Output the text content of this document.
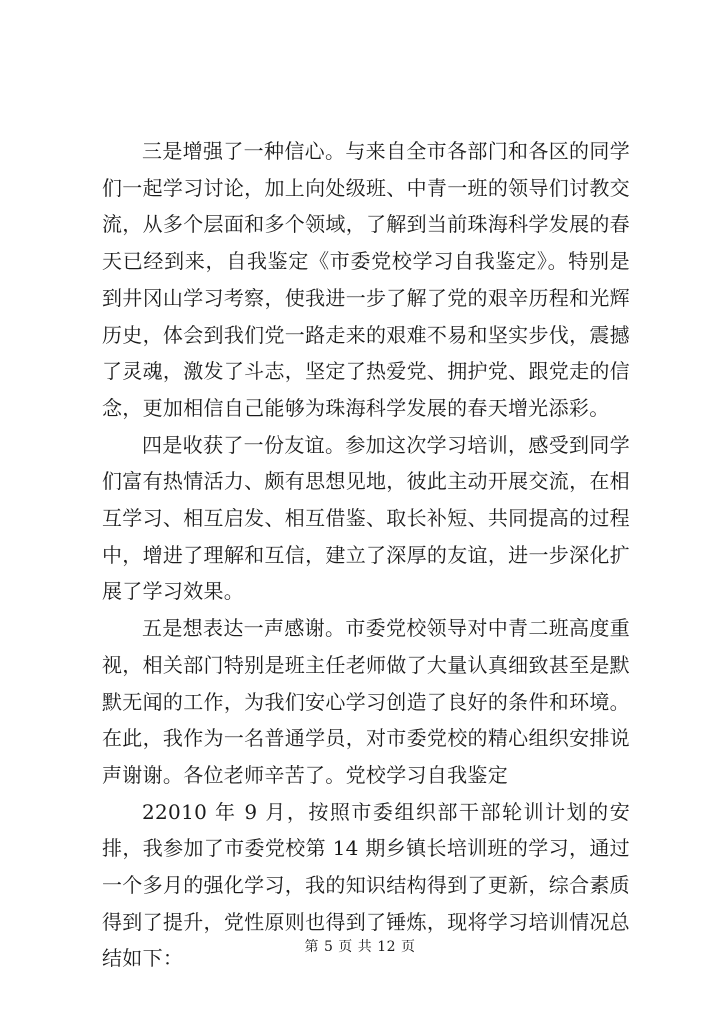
三是增强了一种信心。与来自全市各部门和各区的同学们一起学习讨论，加上向处级班、中青一班的领导们讨教交流，从多个层面和多个领域，了解到当前珠海科学发展的春天已经到来，自我鉴定《市委党校学习自我鉴定》。特别是到井冈山学习考察，使我进一步了解了党的艰辛历程和光辉历史，体会到我们党一路走来的艰难不易和坚实步伐，震撼了灵魂，激发了斗志，坚定了热爱党、拥护党、跟党走的信念，更加相信自己能够为珠海科学发展的春天增光添彩。

四是收获了一份友谊。参加这次学习培训，感受到同学们富有热情活力、颇有思想见地，彼此主动开展交流，在相互学习、相互启发、相互借鉴、取长补短、共同提高的过程中，增进了理解和互信，建立了深厚的友谊，进一步深化扩展了学习效果。

五是想表达一声感谢。市委党校领导对中青二班高度重视，相关部门特别是班主任老师做了大量认真细致甚至是默默无闻的工作，为我们安心学习创造了良好的条件和环境。在此，我作为一名普通学员，对市委党校的精心组织安排说声谢谢。各位老师辛苦了。党校学习自我鉴定

22010 年 9 月，按照市委组织部干部轮训计划的安排，我参加了市委党校第 14 期乡镇长培训班的学习，通过一个多月的强化学习，我的知识结构得到了更新，综合素质得到了提升，党性原则也得到了锤炼，现将学习培训情况总结如下：	第 5 页 共 12 页
